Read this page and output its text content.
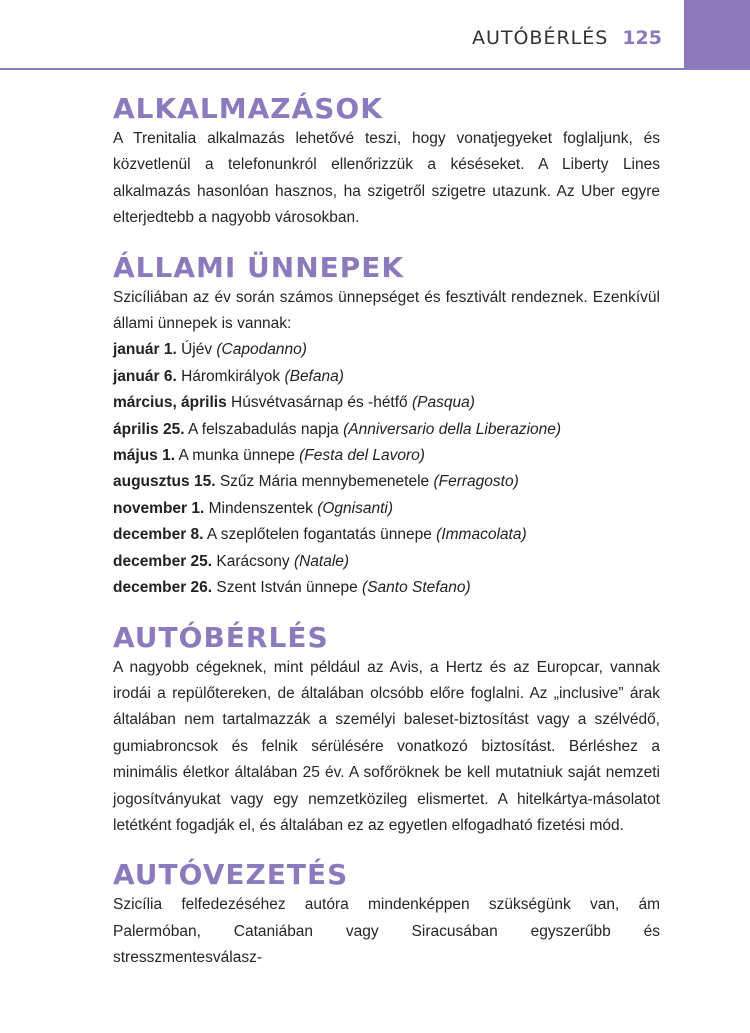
AUTÓBÉRLÉS 125
ALKALMAZÁSOK

A Trenitalia alkalmazás lehetővé teszi, hogy vonatjegyeket foglaljunk, és közvetlenül a telefonunkról ellenőrizzük a késéseket. A Liberty Lines alkalmazás hasonlóan hasznos, ha szigetről szigetre utazunk. Az Uber egyre elterjedtebb a nagyobb városokban.

ÁLLAMI ÜNNEPEK

Szicíliában az év során számos ünnepséget és fesztivált rendeznek. Ezenkívül állami ünnepek is vannak:

január 1. Újév (Capodanno)
január 6. Háromkirályok (Befana)
március, április Húsvétvasárnap és -hétfő (Pasqua)
április 25. A felszabadulás napja (Anniversario della Liberazione)
május 1. A munka ünnepe (Festa del Lavoro)
augusztus 15. Szűz Mária mennybemenetele (Ferragosto)
november 1. Mindenszentek (Ognisanti)
december 8. A szeplőtelen fogantatás ünnepe (Immacolata)
december 25. Karácsony (Natale)
december 26. Szent István ünnepe (Santo Stefano)
AUTÓBÉRLÉS

A nagyobb cégeknek, mint például az Avis, a Hertz és az Europcar, vannak irodái a repülőtereken, de általában olcsóbb előre foglalni. Az „inclusive” árak általában nem tartalmazzák a személyi baleset-biztosítást vagy a szélvédő, gumiabroncsok és felnik sérülésére vonatkozó biztosítást. Bérléshez a minimális életkor általában 25 év. A sofőröknek be kell mutatniuk saját nemzeti jogosítványukat vagy egy nemzetközileg elismertet. A hitelkártya-másolatot letétként fogadják el, és általában ez az egyetlen elfogadható fizetési mód.

AUTÓVEZETÉS

Szicília felfedezéséhez autóra mindenképpen szükségünk van, ám Palermóban, Cataniában vagy Siracusában egyszerűbb és stresszmentesválasz-
